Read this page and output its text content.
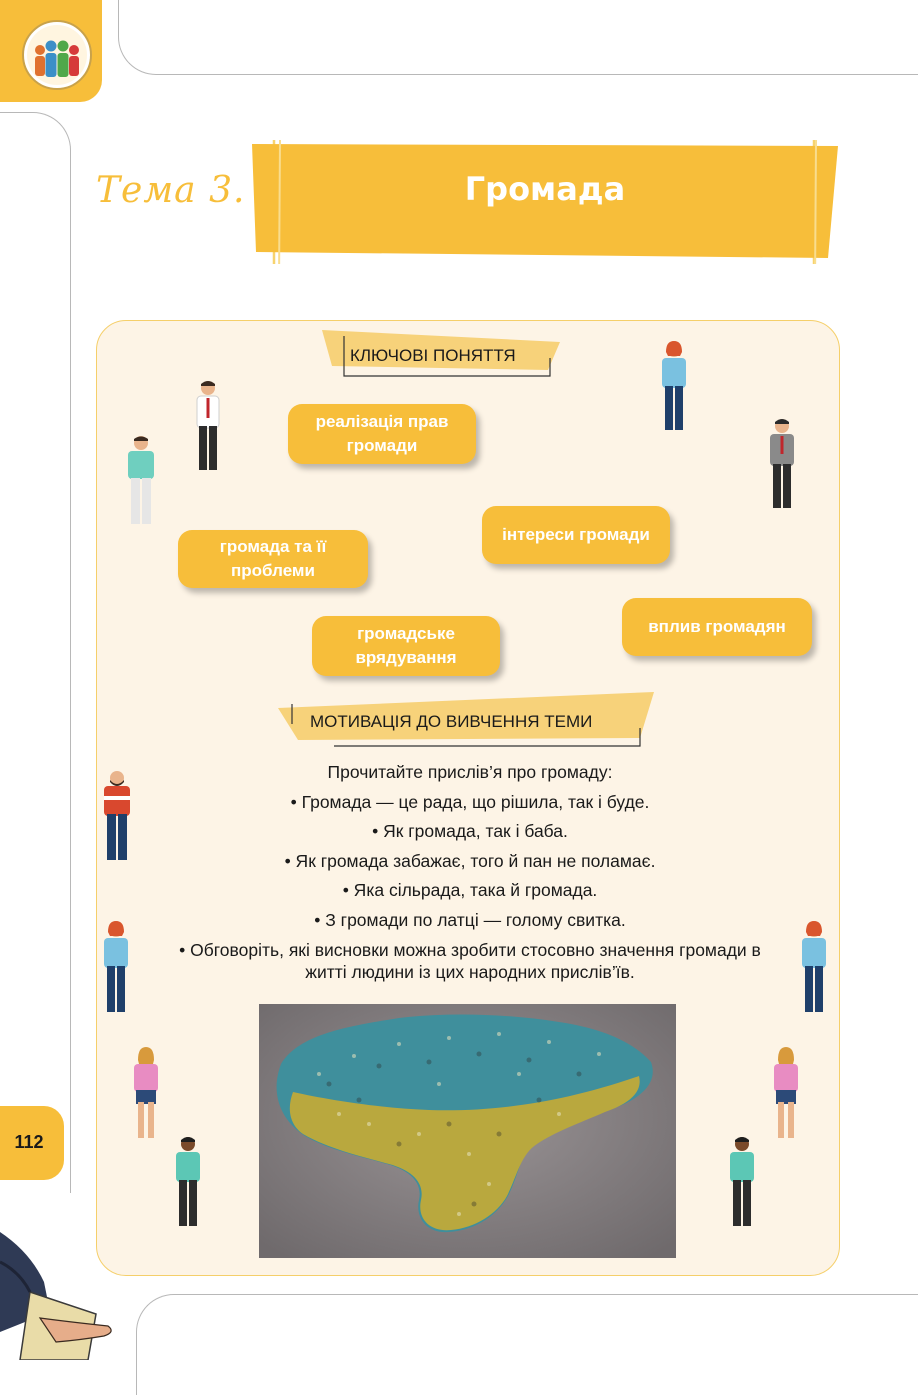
Тема 3.	Громада
КЛЮЧОВІ ПОНЯТТЯ
реалізація прав громади
інтереси громади
громада та її проблеми
вплив громадян
громадське врядування
МОТИВАЦІЯ ДО ВИВЧЕННЯ ТЕМИ

Прочитайте прислів’я про громаду:

• Громада — це рада, що рішила, так і буде.

• Як громада, так і баба.

• Як громада забажає, того й пан не поламає.

• Яка сільрада, така й громада.

• З громади по латці — голому свитка.

• Обговоріть, які висновки можна зробити стосовно значення громади в житті людини із цих народних прислів’їв.

112
